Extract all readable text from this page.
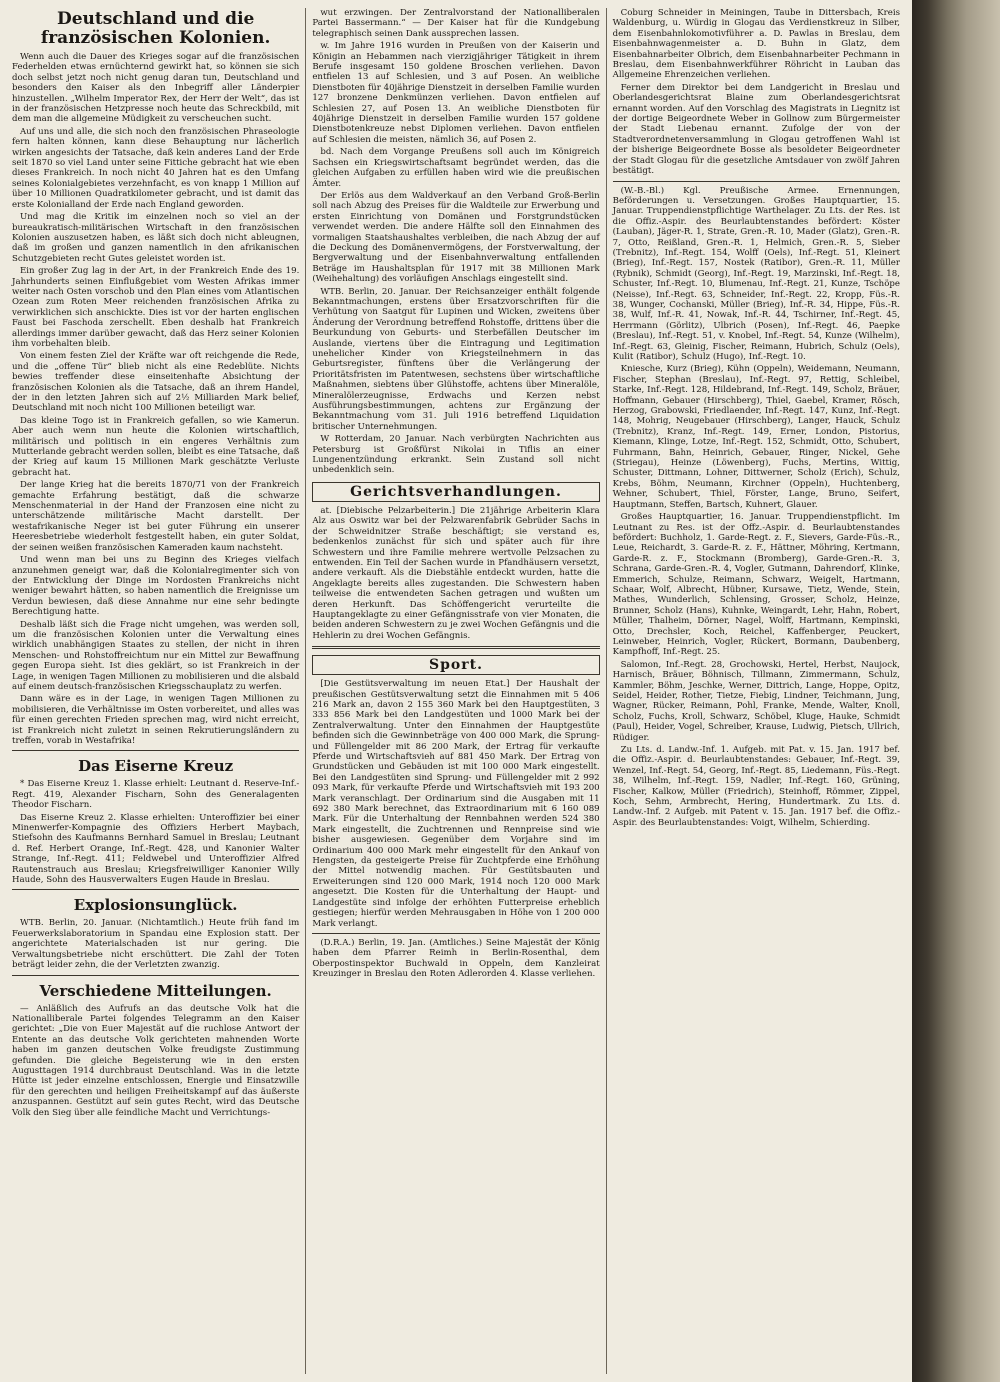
Deutschland und die französischen Kolonien.

Wenn auch die Dauer des Krieges sogar auf die französischen Federhelden etwas ernüchternd gewirkt hat, so können sie sich doch selbst jetzt noch nicht genug daran tun, Deutschland und besonders den Kaiser als den Inbegriff aller Länderpier hinzustellen. „Wilhelm Imperator Rex, der Herr der Welt“, das ist in der französischen Hetzpresse noch heute das Schreckbild, mit dem man die allgemeine Müdigkeit zu verscheuchen sucht.

Auf uns und alle, die sich noch den französischen Phraseologie fern halten können, kann diese Behauptung nur lächerlich wirken angesichts der Tatsache, daß kein anderes Land der Erde seit 1870 so viel Land unter seine Fittiche gebracht hat wie eben dieses Frankreich. In noch nicht 40 Jahren hat es den Umfang seines Kolonialgebietes verzehnfacht, es von knapp 1 Million auf über 10 Millionen Quadratkilometer gebracht, und ist damit das erste Kolonialland der Erde nach England geworden.

Und mag die Kritik im einzelnen noch so viel an der bureaukratisch-militärischen Wirtschaft in den französischen Kolonien auszusetzen haben, es läßt sich doch nicht ableugnen, daß im großen und ganzen namentlich in den afrikanischen Schutzgebieten recht Gutes geleistet worden ist.

Ein großer Zug lag in der Art, in der Frankreich Ende des 19. Jahrhunderts seinen Einflußgebiet vom Westen Afrikas immer weiter nach Osten vorschob und den Plan eines vom Atlantischen Ozean zum Roten Meer reichenden französischen Afrika zu verwirklichen sich anschickte. Dies ist vor der harten englischen Faust bei Faschoda zerschellt. Eben deshalb hat Frankreich allerdings immer darüber gewacht, daß das Herz seiner Kolonien ihm vorbehalten bleib.

Von einem festen Ziel der Kräfte war oft reichgende die Rede, und die „offene Tür“ blieb nicht als eine Redeblüte. Nichts bewies treffender diese einseitenhafte Absichtung der französischen Kolonien als die Tatsache, daß an ihrem Handel, der in den letzten Jahren sich auf 2½ Milliarden Mark belief, Deutschland mit noch nicht 100 Millionen beteiligt war.

Das kleine Togo ist in Frankreich gefallen, so wie Kamerun. Aber auch wenn nun heute die Kolonien wirtschaftlich, militärisch und politisch in ein engeres Verhältnis zum Mutterlande gebracht werden sollen, bleibt es eine Tatsache, daß der Krieg auf kaum 15 Millionen Mark geschätzte Verluste gebracht hat.

Der lange Krieg hat die bereits 1870/71 von der Frankreich gemachte Erfahrung bestätigt, daß die schwarze Menschenmaterial in der Hand der Franzosen eine nicht zu unterschätzende militärische Macht darstellt. Der westafrikanische Neger ist bei guter Führung ein unserer Heeresbetriebe wiederholt festgestellt haben, ein guter Soldat, der seinen weißen französischen Kameraden kaum nachsteht.

Und wenn man bei uns zu Beginn des Krieges vielfach anzunehmen geneigt war, daß die Kolonialregimenter sich von der Entwicklung der Dinge im Nordosten Frankreichs nicht weniger bewahrt hätten, so haben namentlich die Ereignisse um Verdun bewiesen, daß diese Annahme nur eine sehr bedingte Berechtigung hatte.

Deshalb läßt sich die Frage nicht umgehen, was werden soll, um die französischen Kolonien unter die Verwaltung eines wirklich unabhängigen Staates zu stellen, der nicht in ihren Menschen- und Rohstoffreichtum nur ein Mittel zur Bewaffnung gegen Europa sieht. Ist dies geklärt, so ist Frankreich in der Lage, in wenigen Tagen Millionen zu mobilisieren und die alsbald auf einem deutsch-französischen Kriegsschauplatz zu werfen.

Dann wäre es in der Lage, in wenigen Tagen Millionen zu mobilisieren, die Verhältnisse im Osten vorbereitet, und alles was für einen gerechten Frieden sprechen mag, wird nicht erreicht, ist Frankreich nicht zuletzt in seinen Rekrutierungsländern zu treffen, vorab in Westafrika!

Das Eiserne Kreuz

* Das Eiserne Kreuz 1. Klasse erhielt: Leutnant d. Reserve-Inf.-Regt. 419, Alexander Fischarn, Sohn des Generalagenten Theodor Fischarn.

Das Eiserne Kreuz 2. Klasse erhielten: Unteroffizier bei einer Minenwerfer-Kompagnie des Offiziers Herbert Maybach, Stiefsohn des Kaufmanns Bernhard Samuel in Breslau; Leutnant d. Ref. Herbert Orange, Inf.-Regt. 428, und Kanonier Walter Strange, Inf.-Regt. 411; Feldwebel und Unteroffizier Alfred Rautenstrauch aus Breslau; Kriegsfreiwilliger Kanonier Willy Haude, Sohn des Hausverwalters Eugen Haude in Breslau.

Explosionsunglück.

WTB. Berlin, 20. Januar. (Nichtamtlich.) Heute früh fand im Feuerwerkslaboratorium in Spandau eine Explosion statt. Der angerichtete Materialschaden ist nur gering. Die Verwaltungsbetriebe nicht erschüttert. Die Zahl der Toten beträgt leider zehn, die der Verletzten zwanzig.

Verschiedene Mitteilungen.

— Anläßlich des Aufrufs an das deutsche Volk hat die Nationalliberale Partei folgendes Telegramm an den Kaiser gerichtet: „Die von Euer Majestät auf die ruchlose Antwort der Entente an das deutsche Volk gerichteten mahnenden Worte haben im ganzen deutschen Volke freudigste Zustimmung gefunden. Die gleiche Begeisterung wie in den ersten Augusttagen 1914 durchbraust Deutschland. Was in die letzte Hütte ist jeder einzelne entschlossen, Energie und Einsatzwille für den gerechten und heiligen Freiheitskampf auf das äußerste anzuspannen. Gestützt auf sein gutes Recht, wird das Deutsche Volk den Sieg über alle feindliche Macht und Verrichtungs-

wut erzwingen. Der Zentralvorstand der Nationalliberalen Partei Bassermann.“ — Der Kaiser hat für die Kundgebung telegraphisch seinen Dank aussprechen lassen.

w. Im Jahre 1916 wurden in Preußen von der Kaiserin und Königin an Hebammen nach vierzigjähriger Tätigkeit in ihrem Berufe insgesamt 150 goldene Broschen verliehen. Davon entfielen 13 auf Schlesien, und 3 auf Posen. An weibliche Dienstboten für 40jährige Dienstzeit in derselben Familie wurden 127 bronzene Denkmünzen verliehen. Davon entfielen auf Schlesien 27, auf Posen 13. An weibliche Dienstboten für 40jährige Dienstzeit in derselben Familie wurden 157 goldene Dienstbotenkreuze nebst Diplomen verliehen. Davon entfielen auf Schlesien die meisten, nämlich 36, auf Posen 2.

bd. Nach dem Vorgange Preußens soll auch im Königreich Sachsen ein Kriegswirtschaftsamt begründet werden, das die gleichen Aufgaben zu erfüllen haben wird wie die preußischen Ämter.

Der Erlös aus dem Waldverkauf an den Verband Groß-Berlin soll nach Abzug des Preises für die Waldteile zur Erwerbung und ersten Einrichtung von Domänen und Forstgrundstücken verwendet werden. Die andere Hälfte soll den Einnahmen des vormaligen Staatshaushaltes verbleiben, die nach Abzug der auf die Deckung des Domänenvermögens, der Forstverwaltung, der Bergverwaltung und der Eisenbahnverwaltung entfallenden Beträge im Haushaltsplan für 1917 mit 38 Millionen Mark (Weihehaltung) des vorläufigen Anschlags eingestellt sind.

WTB. Berlin, 20. Januar. Der Reichsanzeiger enthält folgende Bekanntmachungen, erstens über Ersatzvorschriften für die Verhütung von Saatgut für Lupinen und Wicken, zweitens über Änderung der Verordnung betreffend Rohstoffe, drittens über die Beurkundung von Geburts- und Sterbefällen Deutscher im Auslande, viertens über die Eintragung und Legitimation unehelicher Kinder von Kriegsteilnehmern in das Geburtsregister, fünftens über die Verlängerung der Prioritätsfristen im Patentwesen, sechstens über wirtschaftliche Maßnahmen, siebtens über Glühstoffe, achtens über Mineralöle, Mineralölerzeugnisse, Erdwachs und Kerzen nebst Ausführungsbestimmungen, achtens zur Ergänzung der Bekanntmachung vom 31. Juli 1916 betreffend Liquidation britischer Unternehmungen.

W Rotterdam, 20 Januar. Nach verbürgten Nachrichten aus Petersburg ist Großfürst Nikolai in Tiflis an einer Lungenentzündung erkrankt. Sein Zustand soll nicht unbedenklich sein.

Gerichtsverhandlungen.

at. [Diebische Pelzarbeiterin.] Die 21jährige Arbeiterin Klara Alz aus Oswitz war bei der Pelzwarenfabrik Gebrüder Sachs in der Schweidnitzer Straße beschäftigt; sie verstand es, bedenkenlos zunächst für sich und später auch für ihre Schwestern und ihre Familie mehrere wertvolle Pelzsachen zu entwenden. Ein Teil der Sachen wurde in Pfandhäusern versetzt, andere verkauft. Als die Diebstähle entdeckt wurden, hatte die Angeklagte bereits alles zugestanden. Die Schwestern haben teilweise die entwendeten Sachen getragen und wußten um deren Herkunft. Das Schöffengericht verurteilte die Hauptangeklagte zu einer Gefängnisstrafe von vier Monaten, die beiden anderen Schwestern zu je zwei Wochen Gefängnis und die Hehlerin zu drei Wochen Gefängnis.

Sport.

[Die Gestütsverwaltung im neuen Etat.] Der Haushalt der preußischen Gestütsverwaltung setzt die Einnahmen mit 5 406 216 Mark an, davon 2 155 360 Mark bei den Hauptgestüten, 3 333 856 Mark bei den Landgestüten und 1000 Mark bei der Zentralverwaltung. Unter den Einnahmen der Hauptgestüte befinden sich die Gewinnbeträge von 400 000 Mark, die Sprung- und Füllengelder mit 86 200 Mark, der Ertrag für verkaufte Pferde und Wirtschaftsvieh auf 881 450 Mark. Der Ertrag von Grundstücken und Gebäuden ist mit 100 000 Mark eingestellt. Bei den Landgestüten sind Sprung- und Füllengelder mit 2 992 093 Mark, für verkaufte Pferde und Wirtschaftsvieh mit 193 200 Mark veranschlagt. Der Ordinarium sind die Ausgaben mit 11 692 380 Mark berechnet, das Extraordinarium mit 6 160 089 Mark. Für die Unterhaltung der Rennbahnen werden 524 380 Mark eingestellt, die Zuchtrennen und Rennpreise sind wie bisher ausgewiesen. Gegenüber dem Vorjahre sind im Ordinarium 400 000 Mark mehr eingestellt für den Ankauf von Hengsten, da gesteigerte Preise für Zuchtpferde eine Erhöhung der Mittel notwendig machen. Für Gestütsbauten und Erweiterungen sind 120 000 Mark, 1914 noch 120 000 Mark angesetzt. Die Kosten für die Unterhaltung der Haupt- und Landgestüte sind infolge der erhöhten Futterpreise erheblich gestiegen; hierfür werden Mehrausgaben in Höhe von 1 200 000 Mark verlangt.

(D.R.A.) Berlin, 19. Jan. (Amtliches.) Seine Majestät der König haben dem Pfarrer Reimh in Berlin-Rosenthal, dem Oberpostinspektor Buchwald in Oppeln, dem Kanzleirat Kreuzinger in Breslau den Roten Adlerorden 4. Klasse verliehen.

Coburg Schneider in Meiningen, Taube in Dittersbach, Kreis Waldenburg, u. Würdig in Glogau das Verdienstkreuz in Silber, dem Eisenbahnlokomotivführer a. D. Pawlas in Breslau, dem Eisenbahnwagenmeister a. D. Buhn in Glatz, dem Eisenbahnarbeiter Olbrich, dem Eisenbahnarbeiter Pechmann in Breslau, dem Eisenbahnwerkführer Röhricht in Lauban das Allgemeine Ehrenzeichen verliehen.

Ferner dem Direktor bei dem Landgericht in Breslau und Oberlandesgerichtsrat Blaine zum Oberlandesgerichtsrat ernannt worden. Auf den Vorschlag des Magistrats in Liegnitz ist der dortige Beigeordnete Weber in Gollnow zum Bürgermeister der Stadt Liebenau ernannt. Zufolge der von der Stadtverordnetenversammlung in Glogau getroffenen Wahl ist der bisherige Beigeordnete Bosse als besoldeter Beigeordneter der Stadt Glogau für die gesetzliche Amtsdauer von zwölf Jahren bestätigt.

(W.-B.-Bl.) Kgl. Preußische Armee. Ernennungen, Beförderungen u. Versetzungen. Großes Hauptquartier, 15. Januar. Truppendienstpflichtige Warthelager. Zu Lts. der Res. ist die Offiz.-Aspir. des Beurlaubtenstandes befördert: Köster (Lauban), Jäger-R. 1, Strate, Gren.-R. 10, Mader (Glatz), Gren.-R. 7, Otto, Reißland, Gren.-R. 1, Helmich, Gren.-R. 5, Sieber (Trebnitz), Inf.-Regt. 154, Wolff (Oels), Inf.-Regt. 51, Kleinert (Brieg), Inf.-Regt. 157, Nostek (Ratibor), Gren.-R. 11, Müller (Rybnik), Schmidt (Georg), Inf.-Regt. 19, Marzinski, Inf.-Regt. 18, Schuster, Inf.-Regt. 10, Blumenau, Inf.-Regt. 21, Kunze, Tschöpe (Neisse), Inf.-Regt. 63, Schneider, Inf.-Regt. 22, Kropp, Füs.-R. 38, Wunger, Cochanski, Müller (Brieg), Inf.-R. 34, Hippe, Füs.-R. 38, Wulf, Inf.-R. 41, Nowak, Inf.-R. 44, Tschirner, Inf.-Regt. 45, Herrmann (Görlitz), Ulbrich (Posen), Inf.-Regt. 46, Paepke (Breslau), Inf.-Regt. 51, v. Knobel, Inf.-Regt. 54, Kunze (Wilhelm), Inf.-Regt. 63, Gleinig, Fischer, Reimann, Hubrich, Schulz (Oels), Kulit (Ratibor), Schulz (Hugo), Inf.-Regt. 10.

Kniesche, Kurz (Brieg), Kühn (Oppeln), Weidemann, Neumann, Fischer, Stephan (Breslau), Inf.-Regt. 97, Rettig, Schleibel, Starke, Inf.-Regt. 128, Hildebrand, Inf.-Regt. 149, Scholz, Bräuer, Hoffmann, Gebauer (Hirschberg), Thiel, Gaebel, Kramer, Rösch, Herzog, Grabowski, Friedlaender, Inf.-Regt. 147, Kunz, Inf.-Regt. 148, Mohrig, Neugebauer (Hirschberg), Langer, Hauck, Schulz (Trebnitz), Kranz, Inf.-Regt. 149, Erner, London, Pistorius, Kiemann, Klinge, Lotze, Inf.-Regt. 152, Schmidt, Otto, Schubert, Fuhrmann, Bahn, Heinrich, Gebauer, Ringer, Nickel, Gehe (Striegau), Heinze (Löwenberg), Fuchs, Mertins, Wittig, Schuster, Dittmann, Lohner, Dittwerner, Scholz (Erich), Schulz, Krebs, Böhm, Neumann, Kirchner (Oppeln), Huchtenberg, Wehner, Schubert, Thiel, Förster, Lange, Bruno, Seifert, Hauptmann, Steffen, Bartsch, Kuhnert, Glauer.

Großes Hauptquartier, 16. Januar. Truppendienstpflicht. Im Leutnant zu Res. ist der Offz.-Aspir. d. Beurlaubtenstandes befördert: Buchholz, 1. Garde-Regt. z. F., Sievers, Garde-Füs.-R., Leue, Reichardt, 3. Garde-R. z. F., Hättner, Möhring, Kertmann, Garde-R. z. F., Stockmann (Bromberg), Garde-Gren.-R. 3, Schrana, Garde-Gren.-R. 4, Vogler, Gutmann, Dahrendorf, Klinke, Emmerich, Schulze, Reimann, Schwarz, Weigelt, Hartmann, Schaar, Wolf, Albrecht, Hübner, Kursawe, Tietz, Wende, Stein, Mathes, Wunderlich, Schlensing, Grosser, Scholz, Heinze, Brunner, Scholz (Hans), Kuhnke, Weingardt, Lehr, Hahn, Robert, Müller, Thalheim, Dörner, Nagel, Wolff, Hartmann, Kempinski, Otto, Drechsler, Koch, Reichel, Kaffenberger, Peuckert, Leinweber, Heinrich, Vogler, Rückert, Bormann, Daubenberg, Kampfhoff, Inf.-Regt. 25.

Salomon, Inf.-Regt. 28, Grochowski, Hertel, Herbst, Naujock, Harnisch, Bräuer, Böhnisch, Tillmann, Zimmermann, Schulz, Kammler, Böhm, Jeschke, Werner, Dittrich, Lange, Hoppe, Opitz, Seidel, Heider, Rother, Tietze, Fiebig, Lindner, Teichmann, Jung, Wagner, Rücker, Reimann, Pohl, Franke, Mende, Walter, Knoll, Scholz, Fuchs, Kroll, Schwarz, Schöbel, Kluge, Hauke, Schmidt (Paul), Heider, Vogel, Schreiber, Krause, Ludwig, Pietsch, Ullrich, Rüdiger.

Zu Lts. d. Landw.-Inf. 1. Aufgeb. mit Pat. v. 15. Jan. 1917 bef. die Offiz.-Aspir. d. Beurlaubtenstandes: Gebauer, Inf.-Regt. 39, Wenzel, Inf.-Regt. 54, Georg, Inf.-Regt. 85, Liedemann, Füs.-Regt. 38, Wilhelm, Inf.-Regt. 159, Nadler, Inf.-Regt. 160, Grüning, Fischer, Kalkow, Müller (Friedrich), Steinhoff, Römmer, Zippel, Koch, Sehm, Armbrecht, Hering, Hundertmark. Zu Lts. d. Landw.-Inf. 2 Aufgeb. mit Patent v. 15. Jan. 1917 bef. die Offiz.-Aspir. des Beurlaubtenstandes: Voigt, Wilhelm, Schierding.
